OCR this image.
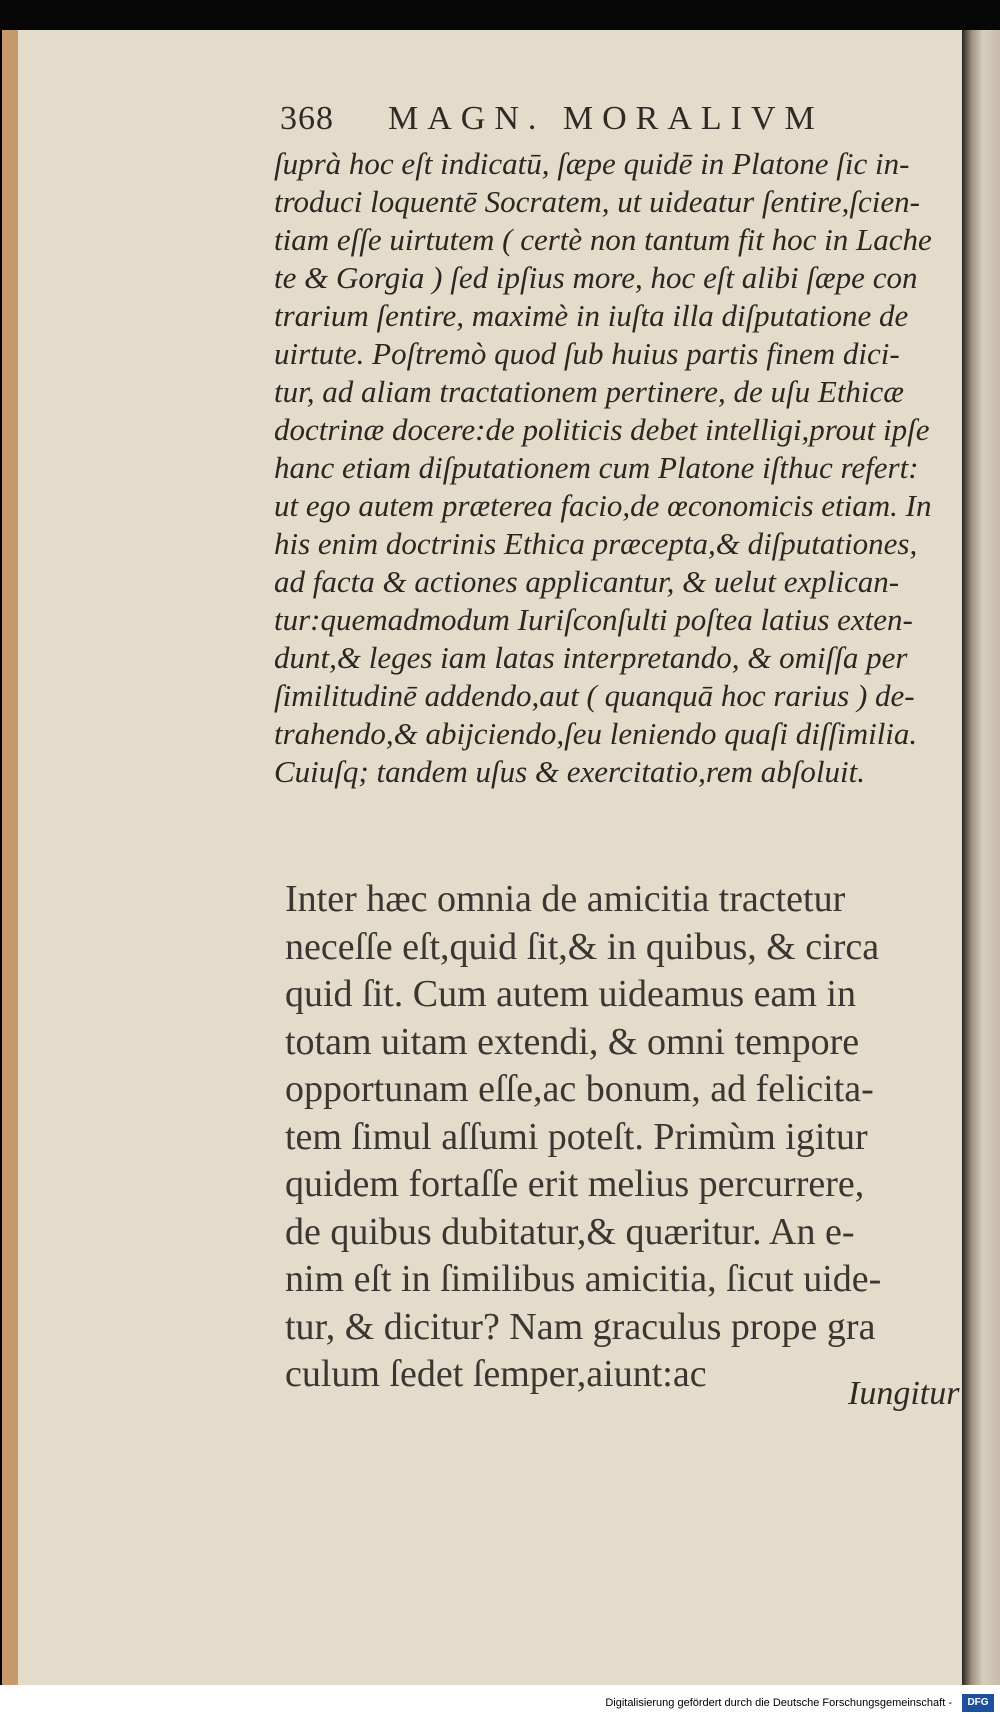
368 MAGN. MORALIVM

ſuprà hoc eſt indicatū, ſæpe quidē in Platone ſic in-

troduci loquentē Socratem, ut uideatur ſentire,ſcien-

tiam eſſe uirtutem ( certè non tantum fit hoc in Lache

te & Gorgia ) ſed ipſius more, hoc eſt alibi ſæpe con

trarium ſentire, maximè in iuſta illa diſputatione de

uirtute. Poſtremò quod ſub huius partis finem dici-

tur, ad aliam tractationem pertinere, de uſu Ethicæ

doctrinæ docere:de politicis debet intelligi,prout ipſe

hanc etiam diſputationem cum Platone iſthuc refert:

ut ego autem præterea facio,de œconomicis etiam. In

his enim doctrinis Ethica præcepta,& diſputationes,

ad facta & actiones applicantur, & uelut explican-

tur:quemadmodum Iuriſconſulti poſtea latius exten-

dunt,& leges iam latas interpretando, & omiſſa per

ſimilitudinē addendo,aut ( quanquā hoc rarius ) de-

trahendo,& abijciendo,ſeu leniendo quaſi diſſimilia.

Cuiuſq; tandem uſus & exercitatio,rem abſoluit.

Inter hæc omnia de amicitia tractetur

neceſſe eſt,quid ſit,& in quibus, & circa

quid ſit. Cum autem uideamus eam in

totam uitam extendi, & omni tempore

opportunam eſſe,ac bonum, ad felicita-

tem ſimul aſſumi poteſt. Primùm igitur

quidem fortaſſe erit melius percurrere,

de quibus dubitatur,& quæritur. An e-

nim eſt in ſimilibus amicitia, ſicut uide-

tur, & dicitur? Nam graculus prope gra

culum ſedet ſemper,aiunt:ac	Iungitur
Digitalisierung gefördert durch die Deutsche Forschungsgemeinschaft -	DFG
